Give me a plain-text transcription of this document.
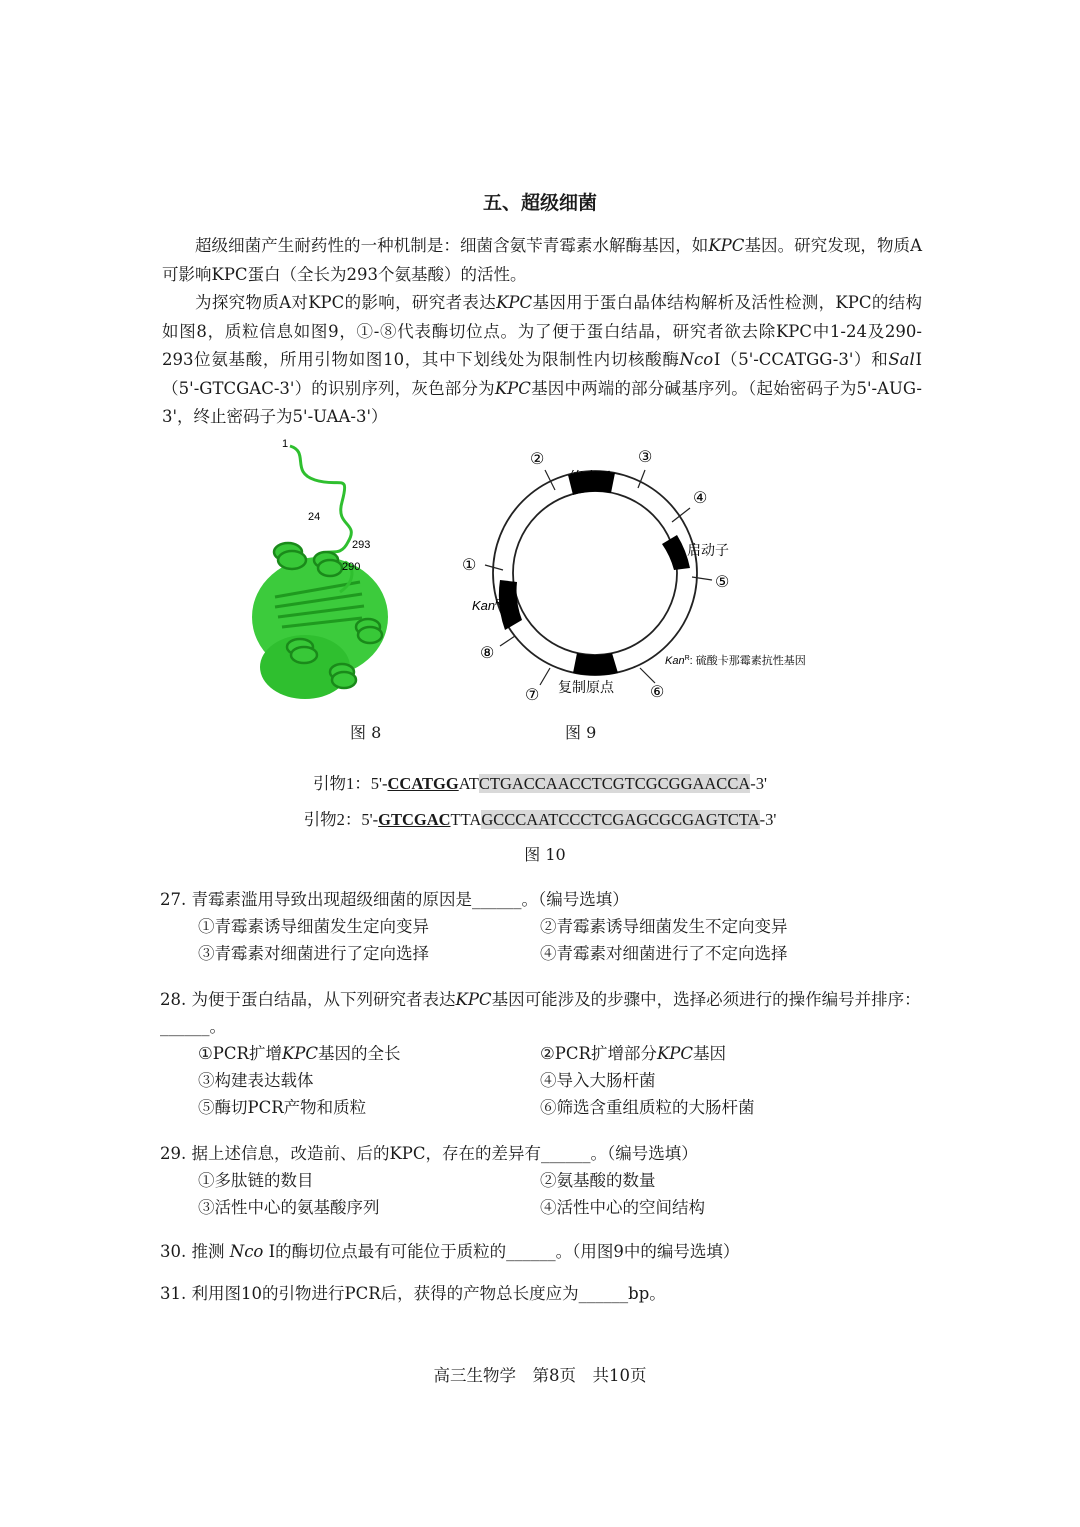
五、超级细菌
超级细菌产生耐药性的一种机制是：细菌含氨苄青霉素水解酶基因，如KPC基因。研究发现，物质A可影响KPC蛋白（全长为293个氨基酸）的活性。
为探究物质A对KPC的影响，研究者表达KPC基因用于蛋白晶体结构解析及活性检测，KPC的结构如图8，质粒信息如图9，①-⑧代表酶切位点。为了便于蛋白结晶，研究者欲去除KPC中1-24及290-293位氨基酸，所用引物如图10，其中下划线处为限制性内切核酸酶NcoⅠ（5'-CCATGG-3'）和SalⅠ（5'-GTCGAC-3'）的识别序列，灰色部分为KPC基因中两端的部分碱基序列。（起始密码子为5'-AUG-3'，终止密码子为5'-UAA-3'）
1
24
293
290
终止子
启动子
复制原点
Kan$^R$
①
②	③
④
⑤
⑥
⑦
⑧	Kan$^R$: 硫酸卡那霉素抗性基因
图 8	图 9
引物1：5'-CCATGGATCTGACCAACCTCGTCGCGGAACCA-3'
引物2：5'-GTCGACTTAGCCCAATCCCTCGAGCGCGAGTCTA-3'
图 10
27. 青霉素滥用导致出现超级细菌的原因是______。（编号选填）
①青霉素诱导细菌发生定向变异	②青霉素诱导细菌发生不定向变异
③青霉素对细菌进行了定向选择	④青霉素对细菌进行了不定向选择
28. 为便于蛋白结晶，从下列研究者表达KPC基因可能涉及的步骤中，选择必须进行的操作编号并排序：______。
①PCR扩增KPC基因的全长	②PCR扩增部分KPC基因
③构建表达载体	④导入大肠杆菌
⑤酶切PCR产物和质粒	⑥筛选含重组质粒的大肠杆菌
29. 据上述信息，改造前、后的KPC，存在的差异有______。（编号选填）
①多肽链的数目	②氨基酸的数量
③活性中心的氨基酸序列	④活性中心的空间结构
30. 推测 Nco Ⅰ的酶切位点最有可能位于质粒的______。（用图9中的编号选填）
31. 利用图10的引物进行PCR后，获得的产物总长度应为______bp。
高三生物学　第8页　共10页
